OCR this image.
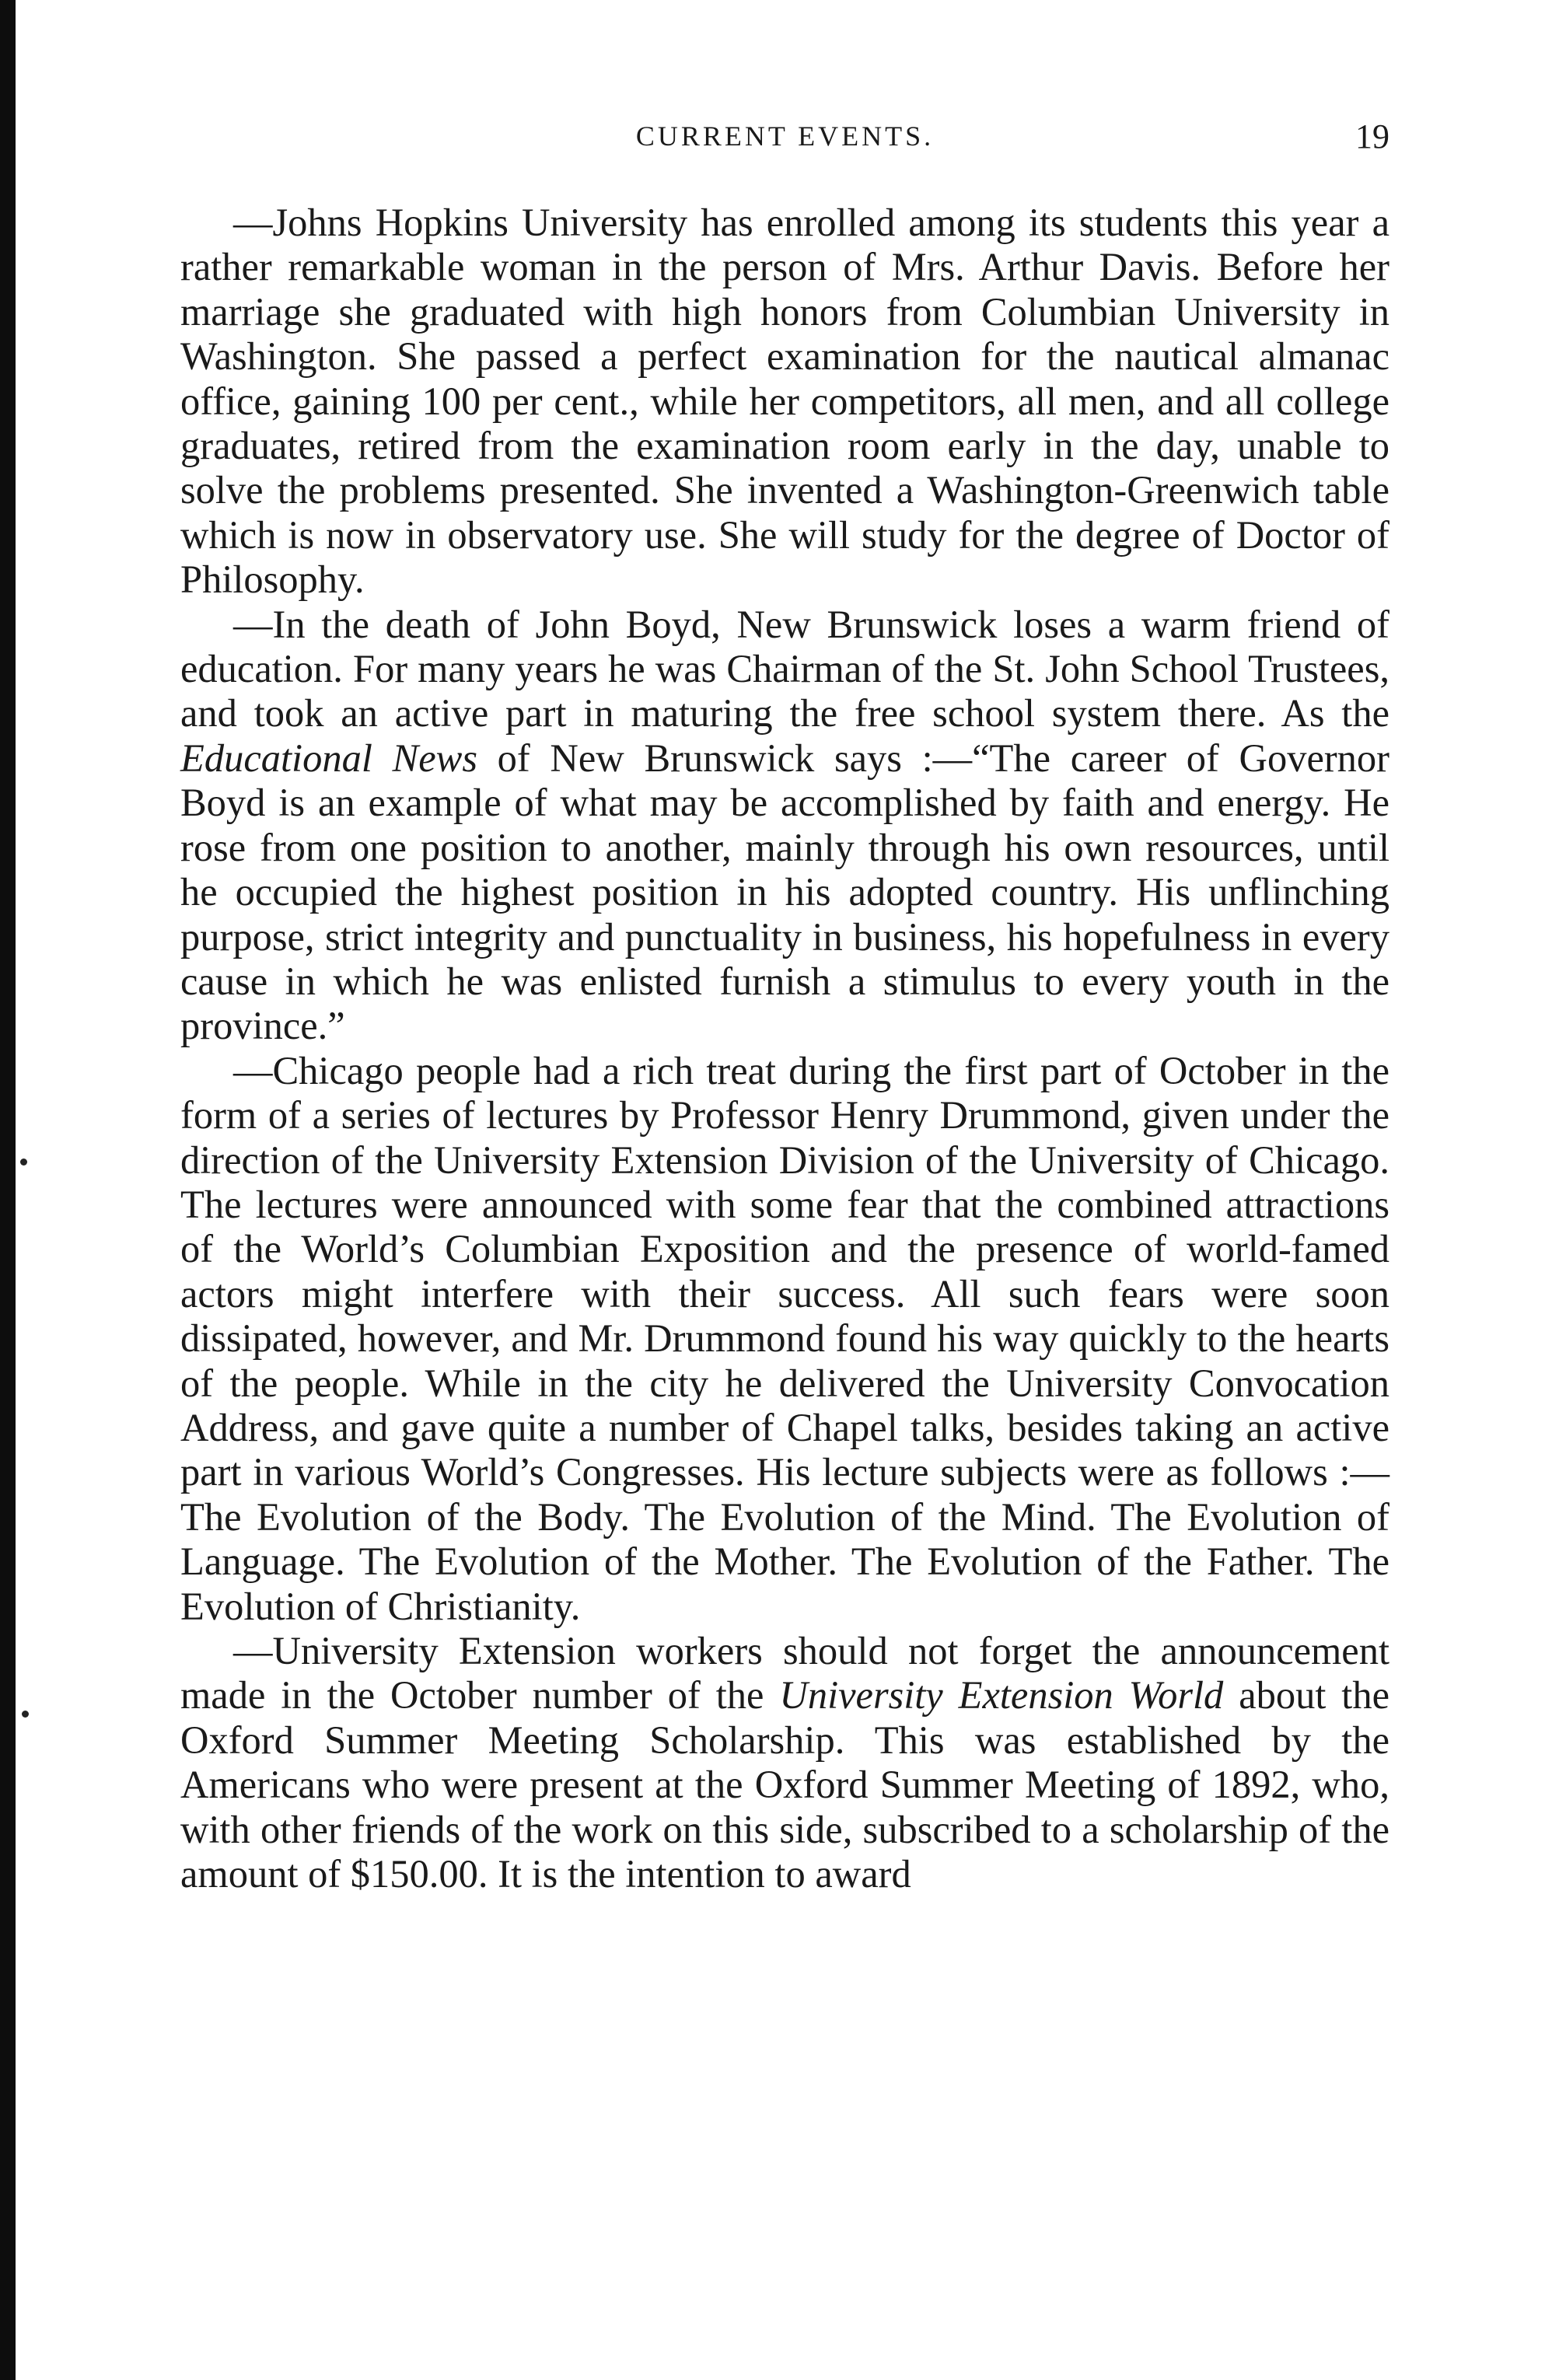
CURRENT EVENTS.	19

—Johns Hopkins University has enrolled among its students this year a rather remarkable woman in the person of Mrs. Arthur Davis. Before her marriage she graduated with high honors from Columbian University in Washington. She passed a perfect examination for the nautical almanac office, gaining 100 per cent., while her competitors, all men, and all college graduates, retired from the examination room early in the day, unable to solve the problems presented. She invented a Washington-Greenwich table which is now in observatory use. She will study for the degree of Doctor of Philosophy.

—In the death of John Boyd, New Brunswick loses a warm friend of education. For many years he was Chairman of the St. John School Trustees, and took an active part in maturing the free school system there. As the Educational News of New Brunswick says :—“The career of Governor Boyd is an example of what may be accomplished by faith and energy. He rose from one position to another, mainly through his own resources, until he occupied the highest position in his adopted country. His unflinching purpose, strict integrity and punctuality in business, his hopefulness in every cause in which he was enlisted furnish a stimulus to every youth in the province.”

—Chicago people had a rich treat during the first part of October in the form of a series of lectures by Professor Henry Drummond, given under the direction of the University Extension Division of the University of Chicago. The lectures were announced with some fear that the combined attractions of the World’s Columbian Exposition and the presence of world-famed actors might interfere with their success. All such fears were soon dissipated, however, and Mr. Drummond found his way quickly to the hearts of the people. While in the city he delivered the University Convocation Address, and gave quite a number of Chapel talks, besides taking an active part in various World’s Congresses. His lecture subjects were as follows :—The Evolution of the Body. The Evolution of the Mind. The Evolution of Language. The Evolution of the Mother. The Evolution of the Father. The Evolution of Christianity.

—University Extension workers should not forget the announcement made in the October number of the University Extension World about the Oxford Summer Meeting Scholarship. This was established by the Americans who were present at the Oxford Summer Meeting of 1892, who, with other friends of the work on this side, subscribed to a scholarship of the amount of $150.00. It is the intention to award
